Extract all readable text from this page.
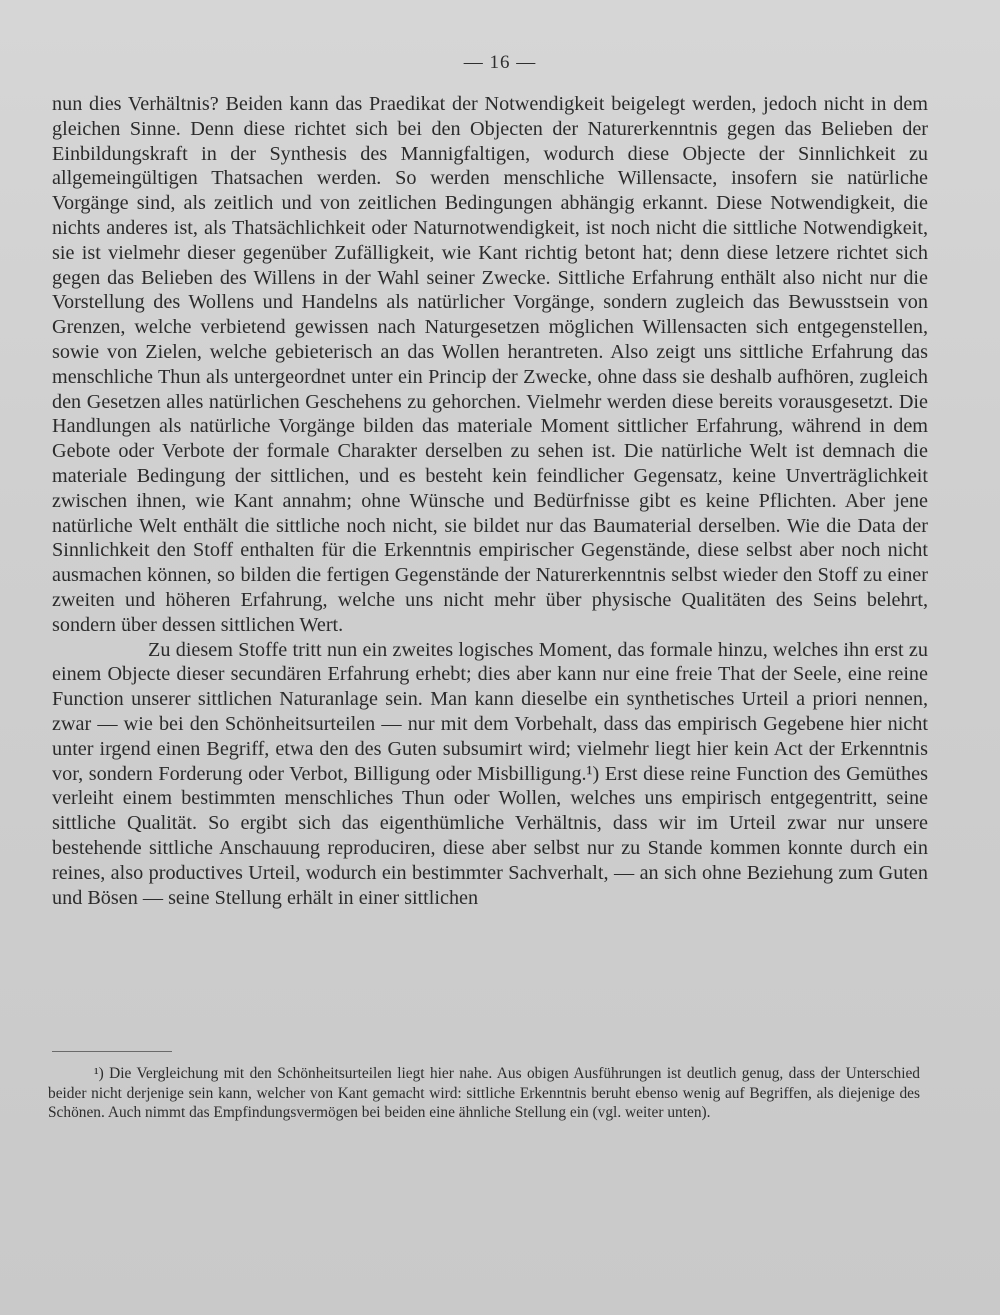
— 16 —

nun dies Verhältnis? Beiden kann das Praedikat der Notwendigkeit beigelegt werden, jedoch nicht in dem gleichen Sinne. Denn diese richtet sich bei den Objecten der Naturerkenntnis gegen das Belieben der Einbildungskraft in der Synthesis des Mannigfaltigen, wodurch diese Objecte der Sinnlichkeit zu allgemeingültigen Thatsachen werden. So werden menschliche Willensacte, insofern sie natürliche Vorgänge sind, als zeitlich und von zeitlichen Bedingungen abhängig erkannt. Diese Notwendigkeit, die nichts anderes ist, als Thatsächlichkeit oder Naturnotwendigkeit, ist noch nicht die sittliche Notwendigkeit, sie ist vielmehr dieser gegenüber Zufälligkeit, wie Kant richtig betont hat; denn diese letzere richtet sich gegen das Belieben des Willens in der Wahl seiner Zwecke. Sittliche Erfahrung enthält also nicht nur die Vorstellung des Wollens und Handelns als natürlicher Vorgänge, sondern zugleich das Bewusstsein von Grenzen, welche verbietend gewissen nach Naturgesetzen möglichen Willensacten sich entgegenstellen, sowie von Zielen, welche gebieterisch an das Wollen herantreten. Also zeigt uns sittliche Erfahrung das menschliche Thun als untergeordnet unter ein Princip der Zwecke, ohne dass sie deshalb aufhören, zugleich den Gesetzen alles natürlichen Geschehens zu gehorchen. Vielmehr werden diese bereits vorausgesetzt. Die Handlungen als natürliche Vorgänge bilden das materiale Moment sittlicher Erfahrung, während in dem Gebote oder Verbote der formale Charakter derselben zu sehen ist. Die natürliche Welt ist demnach die materiale Bedingung der sittlichen, und es besteht kein feindlicher Gegensatz, keine Unverträglichkeit zwischen ihnen, wie Kant annahm; ohne Wünsche und Bedürfnisse gibt es keine Pflichten. Aber jene natürliche Welt enthält die sittliche noch nicht, sie bildet nur das Baumaterial derselben. Wie die Data der Sinnlichkeit den Stoff enthalten für die Erkenntnis empirischer Gegenstände, diese selbst aber noch nicht ausmachen können, so bilden die fertigen Gegenstände der Naturerkenntnis selbst wieder den Stoff zu einer zweiten und höheren Erfahrung, welche uns nicht mehr über physische Qualitäten des Seins belehrt, sondern über dessen sittlichen Wert.

Zu diesem Stoffe tritt nun ein zweites logisches Moment, das formale hinzu, welches ihn erst zu einem Objecte dieser secundären Erfahrung erhebt; dies aber kann nur eine freie That der Seele, eine reine Function unserer sittlichen Naturanlage sein. Man kann dieselbe ein synthetisches Urteil a priori nennen, zwar — wie bei den Schönheitsurteilen — nur mit dem Vorbehalt, dass das empirisch Gegebene hier nicht unter irgend einen Begriff, etwa den des Guten subsumirt wird; vielmehr liegt hier kein Act der Erkenntnis vor, sondern Forderung oder Verbot, Billigung oder Misbilligung.¹) Erst diese reine Function des Gemüthes verleiht einem bestimmten menschliches Thun oder Wollen, welches uns empirisch entgegentritt, seine sittliche Qualität. So ergibt sich das eigenthümliche Verhältnis, dass wir im Urteil zwar nur unsere bestehende sittliche Anschauung reproduciren, diese aber selbst nur zu Stande kommen konnte durch ein reines, also productives Urteil, wodurch ein bestimmter Sachverhalt, — an sich ohne Beziehung zum Guten und Bösen — seine Stellung erhält in einer sittlichen

¹) Die Vergleichung mit den Schönheitsurteilen liegt hier nahe. Aus obigen Ausführungen ist deutlich genug, dass der Unterschied beider nicht derjenige sein kann, welcher von Kant gemacht wird: sittliche Erkenntnis beruht ebenso wenig auf Begriffen, als diejenige des Schönen. Auch nimmt das Empfindungsvermögen bei beiden eine ähnliche Stellung ein (vgl. weiter unten).
